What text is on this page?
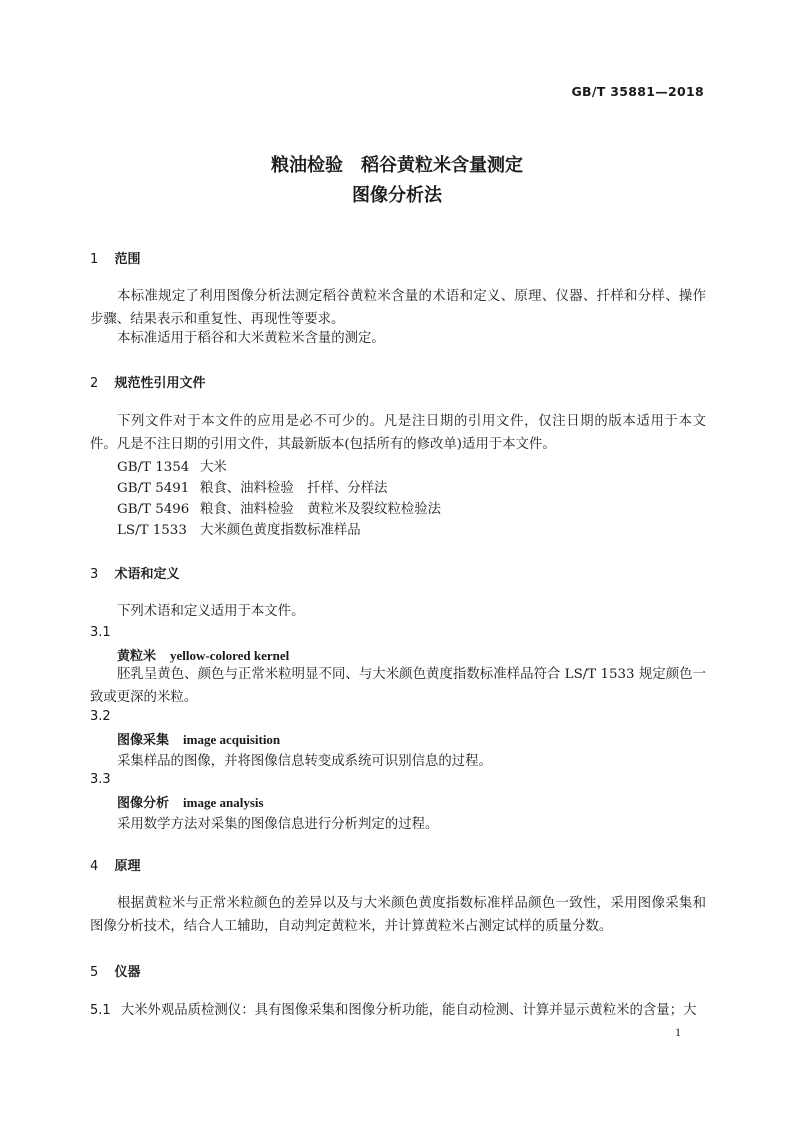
GB/T 35881—2018
粮油检验　稻谷黄粒米含量测定
图像分析法
1 范围
本标准规定了利用图像分析法测定稻谷黄粒米含量的术语和定义、原理、仪器、扦样和分样、操作步骤、结果表示和重复性、再现性等要求。
本标准适用于稻谷和大米黄粒米含量的测定。
2 规范性引用文件
下列文件对于本文件的应用是必不可少的。凡是注日期的引用文件，仅注日期的版本适用于本文件。凡是不注日期的引用文件，其最新版本(包括所有的修改单)适用于本文件。
GB/T 1354 大米
GB/T 5491 粮食、油料检验　扦样、分样法
GB/T 5496 粮食、油料检验　黄粒米及裂纹粒检验法
LS/T 1533 大米颜色黄度指数标准样品
3 术语和定义
下列术语和定义适用于本文件。
3.1
黄粒米 yellow-colored kernel
胚乳呈黄色、颜色与正常米粒明显不同、与大米颜色黄度指数标准样品符合 LS/T 1533 规定颜色一致或更深的米粒。
3.2
图像采集 image acquisition
采集样品的图像，并将图像信息转变成系统可识别信息的过程。
3.3
图像分析 image analysis
采用数学方法对采集的图像信息进行分析判定的过程。
4 原理
根据黄粒米与正常米粒颜色的差异以及与大米颜色黄度指数标准样品颜色一致性，采用图像采集和图像分析技术，结合人工辅助，自动判定黄粒米，并计算黄粒米占测定试样的质量分数。
5 仪器
5.1 大米外观品质检测仪：具有图像采集和图像分析功能，能自动检测、计算并显示黄粒米的含量；大
1
